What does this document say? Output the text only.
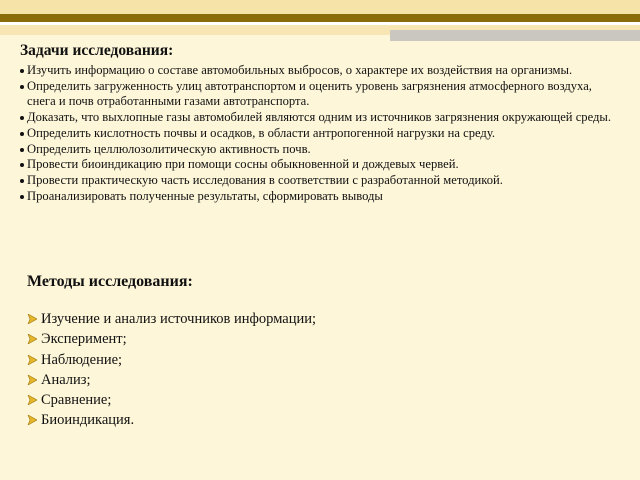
Задачи исследования:
Изучить информацию о составе автомобильных выбросов, о характере их воздействия на организмы.
Определить загруженность улиц автотранспортом и оценить уровень загрязнения атмосферного воздуха, снега и почв отработанными газами автотранспорта.
Доказать, что выхлопные газы автомобилей являются одним из источников загрязнения окружающей среды.
Определить кислотность почвы и осадков, в области антропогенной нагрузки на среду.
Определить целлюлозолитическую активность почв.
Провести биоиндикацию при помощи сосны обыкновенной и дождевых червей.
Провести практическую часть исследования в соответствии с разработанной методикой.
Проанализировать полученные результаты, сформировать выводы
Методы исследования:
Изучение и анализ источников информации;
Эксперимент;
Наблюдение;
Анализ;
Сравнение;
Биоиндикация.
